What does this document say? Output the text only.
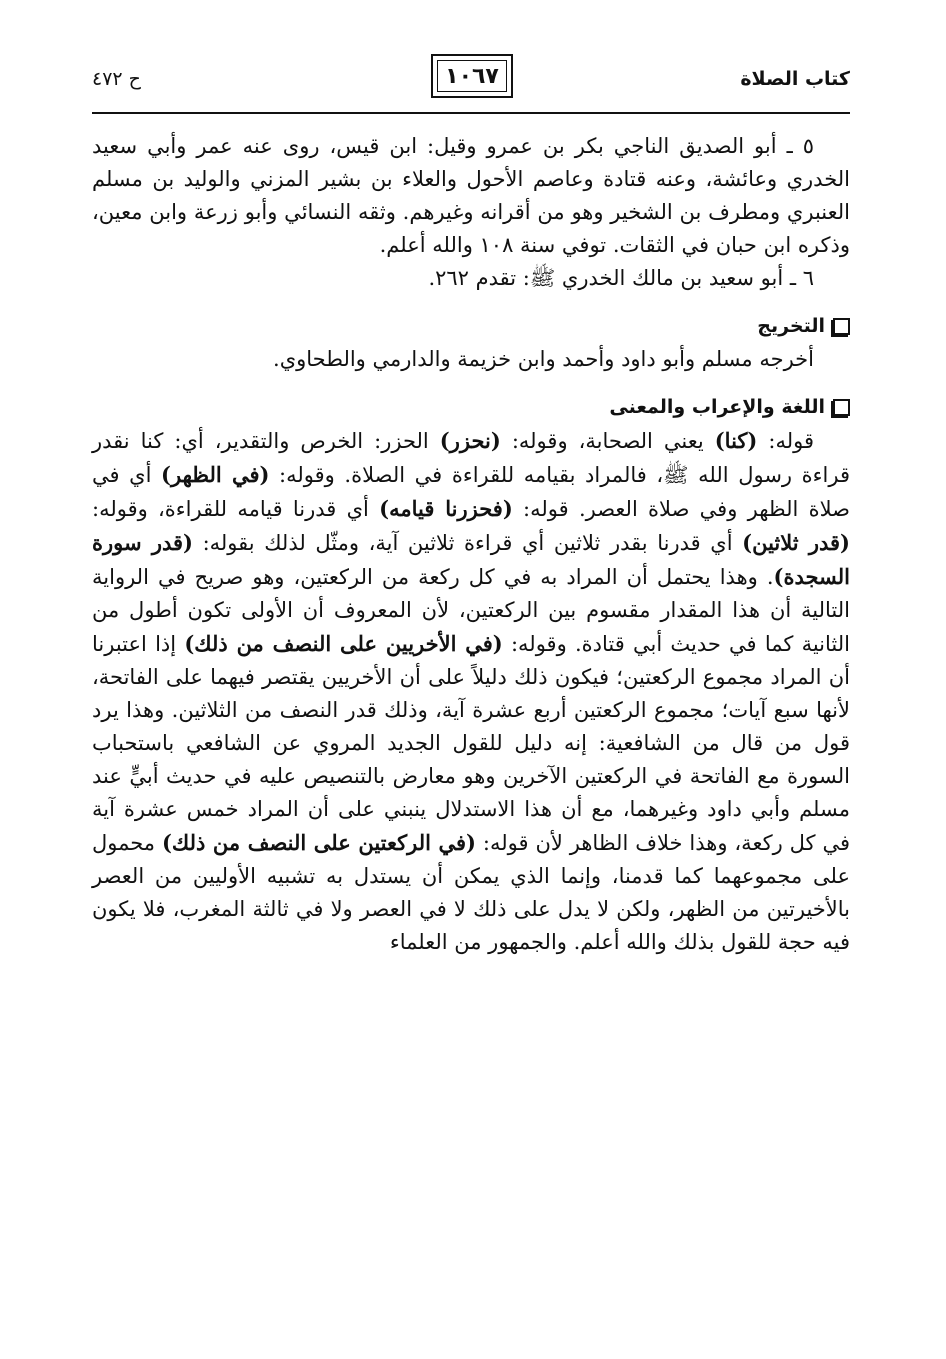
كتاب الصلاة
١٠٦٧
ح ٤٧٢

٥ ـ أبو الصديق الناجي بكر بن عمرو وقيل: ابن قيس، روى عنه عمر وأبي سعيد الخدري وعائشة، وعنه قتادة وعاصم الأحول والعلاء بن بشير المزني والوليد بن مسلم العنبري ومطرف بن الشخير وهو من أقرانه وغيرهم. وثقه النسائي وأبو زرعة وابن معين، وذكره ابن حبان في الثقات. توفي سنة ١٠٨ والله أعلم.

٦ ـ أبو سعيد بن مالك الخدري ﷺ: تقدم ٢٦٢.

التخريج

أخرجه مسلم وأبو داود وأحمد وابن خزيمة والدارمي والطحاوي.

اللغة والإعراب والمعنى

قوله: (كنا) يعني الصحابة، وقوله: (نحزر) الحزر: الخرص والتقدير، أي: كنا نقدر قراءة رسول الله ﷺ، فالمراد بقيامه للقراءة في الصلاة. وقوله: (في الظهر) أي في صلاة الظهر وفي صلاة العصر. قوله: (فحزرنا قيامه) أي قدرنا قيامه للقراءة، وقوله: (قدر ثلاثين) أي قدرنا بقدر ثلاثين أي قراءة ثلاثين آية، ومثّل لذلك بقوله: (قدر سورة السجدة). وهذا يحتمل أن المراد به في كل ركعة من الركعتين، وهو صريح في الرواية التالية أن هذا المقدار مقسوم بين الركعتين، لأن المعروف أن الأولى تكون أطول من الثانية كما في حديث أبي قتادة. وقوله: (في الأخريين على النصف من ذلك) إذا اعتبرنا أن المراد مجموع الركعتين؛ فيكون ذلك دليلاً على أن الأخريين يقتصر فيهما على الفاتحة، لأنها سبع آيات؛ مجموع الركعتين أربع عشرة آية، وذلك قدر النصف من الثلاثين. وهذا يرد قول من قال من الشافعية: إنه دليل للقول الجديد المروي عن الشافعي باستحباب السورة مع الفاتحة في الركعتين الآخرين وهو معارض بالتنصيص عليه في حديث أبيٍّ عند مسلم وأبي داود وغيرهما، مع أن هذا الاستدلال ينبني على أن المراد خمس عشرة آية في كل ركعة، وهذا خلاف الظاهر لأن قوله: (في الركعتين على النصف من ذلك) محمول على مجموعهما كما قدمنا، وإنما الذي يمكن أن يستدل به تشبيه الأوليين من العصر بالأخيرتين من الظهر، ولكن لا يدل على ذلك لا في العصر ولا في ثالثة المغرب، فلا يكون فيه حجة للقول بذلك والله أعلم. والجمهور من العلماء
